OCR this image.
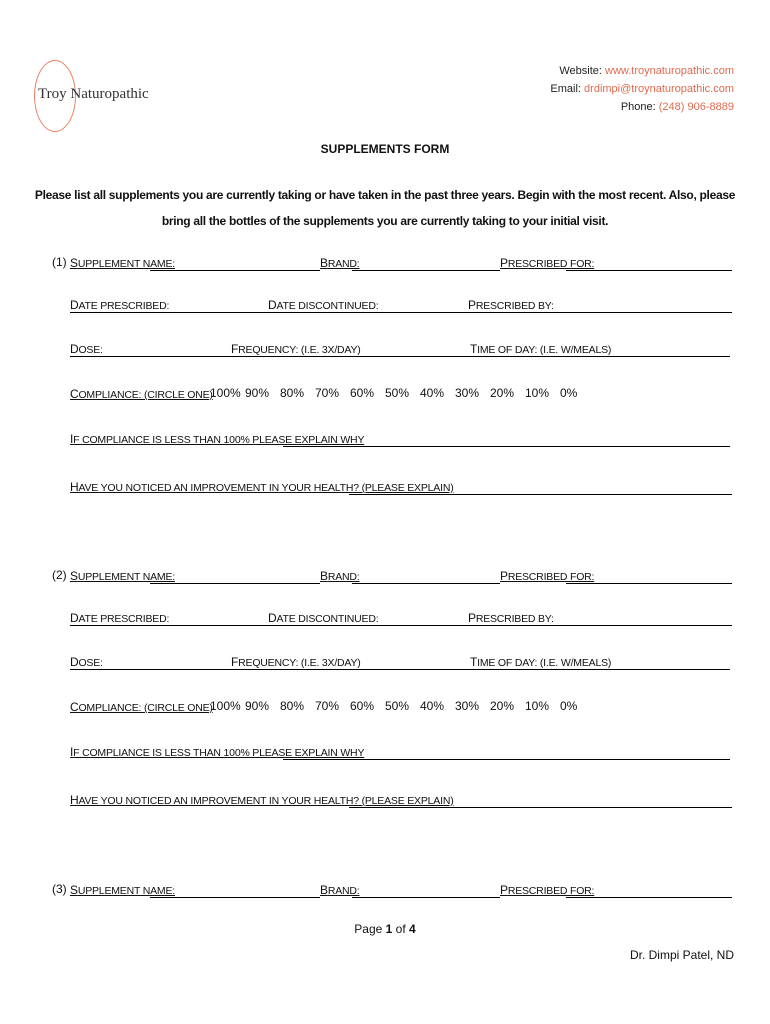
Troy Naturopathic
Website: www.troynaturopathic.com
Email: drdimpi@troynaturopathic.com
Phone: (248) 906-8889
SUPPLEMENTS FORM
Please list all supplements you are currently taking or have taken in the past three years. Begin with the most recent. Also, please bring all the bottles of the supplements you are currently taking to your initial visit.
(1) SUPPLEMENT NAME:	BRAND:	PRESCRIBED FOR:
DATE PRESCRIBED:	DATE DISCONTINUED:	PRESCRIBED BY:
DOSE:	FREQUENCY: (I.E. 3X/DAY)	TIME OF DAY: (I.E. W/MEALS)
COMPLIANCE: (CIRCLE ONE)
100% 90% 80% 70% 60% 50% 40% 30% 20% 10% 0%
IF COMPLIANCE IS LESS THAN 100% PLEASE EXPLAIN WHY
HAVE YOU NOTICED AN IMPROVEMENT IN YOUR HEALTH? (PLEASE EXPLAIN)
(2) SUPPLEMENT NAME:	BRAND:	PRESCRIBED FOR:
DATE PRESCRIBED:	DATE DISCONTINUED:	PRESCRIBED BY:
DOSE:	FREQUENCY: (I.E. 3X/DAY)	TIME OF DAY: (I.E. W/MEALS)
COMPLIANCE: (CIRCLE ONE)
100% 90% 80% 70% 60% 50% 40% 30% 20% 10% 0%
IF COMPLIANCE IS LESS THAN 100% PLEASE EXPLAIN WHY
HAVE YOU NOTICED AN IMPROVEMENT IN YOUR HEALTH? (PLEASE EXPLAIN)
(3) SUPPLEMENT NAME:	BRAND:	PRESCRIBED FOR:
Page 1 of 4
Dr. Dimpi Patel, ND
